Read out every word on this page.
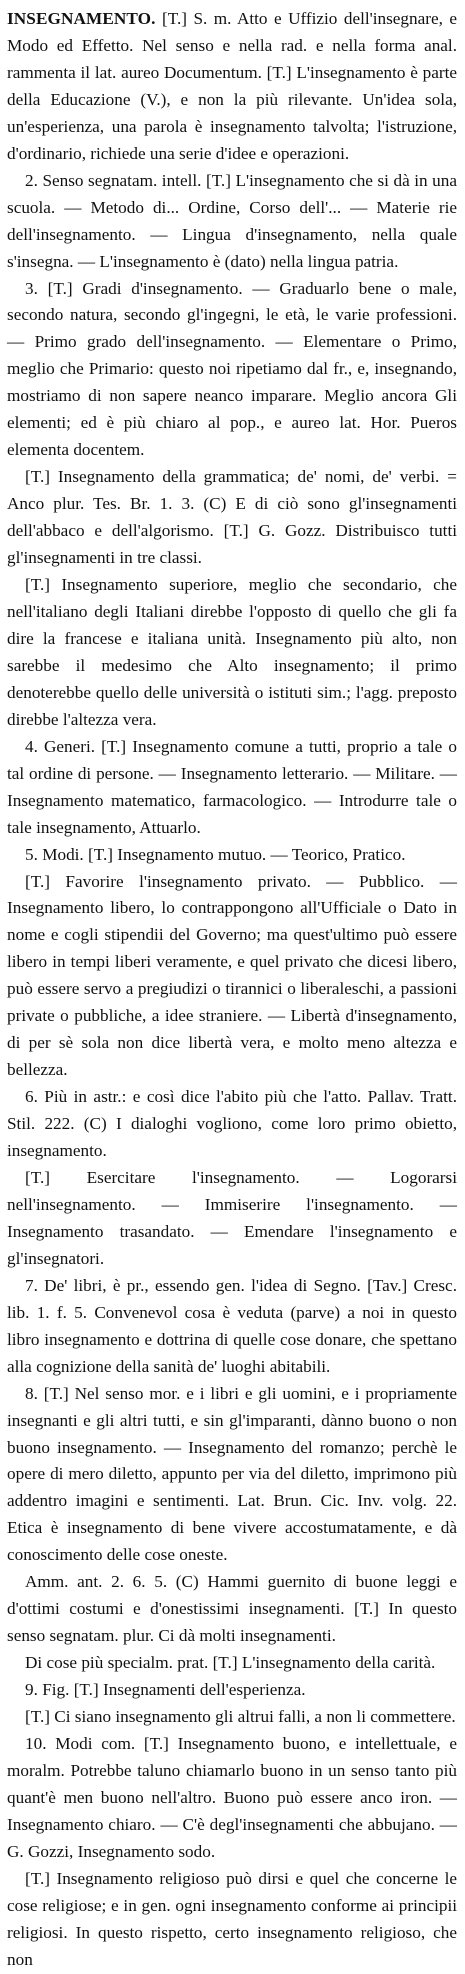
INSEGNAMENTO. [T.] S. m. Atto e Uffizio dell'insegnare, e Modo ed Effetto. Nel senso e nella rad. e nella forma anal. rammenta il lat. aureo Documentum. [T.] L'insegnamento è parte della Educazione (V.), e non la più rilevante. Un'idea sola, un'esperienza, una parola è insegnamento talvolta; l'istruzione, d'ordinario, richiede una serie d'idee e operazioni.

2. Senso segnatam. intell. [T.] L'insegnamento che si dà in una scuola. — Metodo di... Ordine, Corso dell'... — Materie rie dell'insegnamento. — Lingua d'insegnamento, nella quale s'insegna. — L'insegnamento è (dato) nella lingua patria.

3. [T.] Gradi d'insegnamento. — Graduarlo bene o male, secondo natura, secondo gl'ingegni, le età, le varie professioni. — Primo grado dell'insegnamento. — Elementare o Primo, meglio che Primario: questo noi ripetiamo dal fr., e, insegnando, mostriamo di non sapere neanco imparare. Meglio ancora Gli elementi; ed è più chiaro al pop., e aureo lat. Hor. Pueros elementa docentem.

[T.] Insegnamento della grammatica; de' nomi, de' verbi. = Anco plur. Tes. Br. 1. 3. (C) E di ciò sono gl'insegnamenti dell'abbaco e dell'algorismo. [T.] G. Gozz. Distribuisco tutti gl'insegnamenti in tre classi.

[T.] Insegnamento superiore, meglio che secondario, che nell'italiano degli Italiani direbbe l'opposto di quello che gli fa dire la francese e italiana unità. Insegnamento più alto, non sarebbe il medesimo che Alto insegnamento; il primo denoterebbe quello delle università o istituti sim.; l'agg. preposto direbbe l'altezza vera.

4. Generi. [T.] Insegnamento comune a tutti, proprio a tale o tal ordine di persone. — Insegnamento letterario. — Militare. — Insegnamento matematico, farmacologico. — Introdurre tale o tale insegnamento, Attuarlo.

5. Modi. [T.] Insegnamento mutuo. — Teorico, Pratico.

[T.] Favorire l'insegnamento privato. — Pubblico. — Insegnamento libero, lo contrappongono all'Ufficiale o Dato in nome e cogli stipendii del Governo; ma quest'ultimo può essere libero in tempi liberi veramente, e quel privato che dicesi libero, può essere servo a pregiudizi o tirannici o liberaleschi, a passioni private o pubbliche, a idee straniere. — Libertà d'insegnamento, di per sè sola non dice libertà vera, e molto meno altezza e bellezza.

6. Più in astr.: e così dice l'abito più che l'atto. Pallav. Tratt. Stil. 222. (C) I dialoghi vogliono, come loro primo obietto, insegnamento.

[T.] Esercitare l'insegnamento. — Logorarsi nell'insegnamento. — Immiserire l'insegnamento. — Insegnamento trasandato. — Emendare l'insegnamento e gl'insegnatori.

7. De' libri, è pr., essendo gen. l'idea di Segno. [Tav.] Cresc. lib. 1. f. 5. Convenevol cosa è veduta (parve) a noi in questo libro insegnamento e dottrina di quelle cose donare, che spettano alla cognizione della sanità de' luoghi abitabili.

8. [T.] Nel senso mor. e i libri e gli uomini, e i propriamente insegnanti e gli altri tutti, e sin gl'imparanti, dànno buono o non buono insegnamento. — Insegnamento del romanzo; perchè le opere di mero diletto, appunto per via del diletto, imprimono più addentro imagini e sentimenti. Lat. Brun. Cic. Inv. volg. 22. Etica è insegnamento di bene vivere accostumatamente, e dà conoscimento delle cose oneste.

Amm. ant. 2. 6. 5. (C) Hammi guernito di buone leggi e d'ottimi costumi e d'onestissimi insegnamenti. [T.] In questo senso segnatam. plur. Ci dà molti insegnamenti.

Di cose più specialm. prat. [T.] L'insegnamento della carità.

9. Fig. [T.] Insegnamenti dell'esperienza.

[T.] Ci siano insegnamento gli altrui falli, a non li commettere.

10. Modi com. [T.] Insegnamento buono, e intellettuale, e moralm. Potrebbe taluno chiamarlo buono in un senso tanto più quant'è men buono nell'altro. Buono può essere anco iron. — Insegnamento chiaro. — C'è degl'insegnamenti che abbujano. — G. Gozzi, Insegnamento sodo.

[T.] Insegnamento religioso può dirsi e quel che concerne le cose religiose; e in gen. ogni insegnamento conforme ai principii religiosi. In questo rispetto, certo insegnamento religioso, che non
